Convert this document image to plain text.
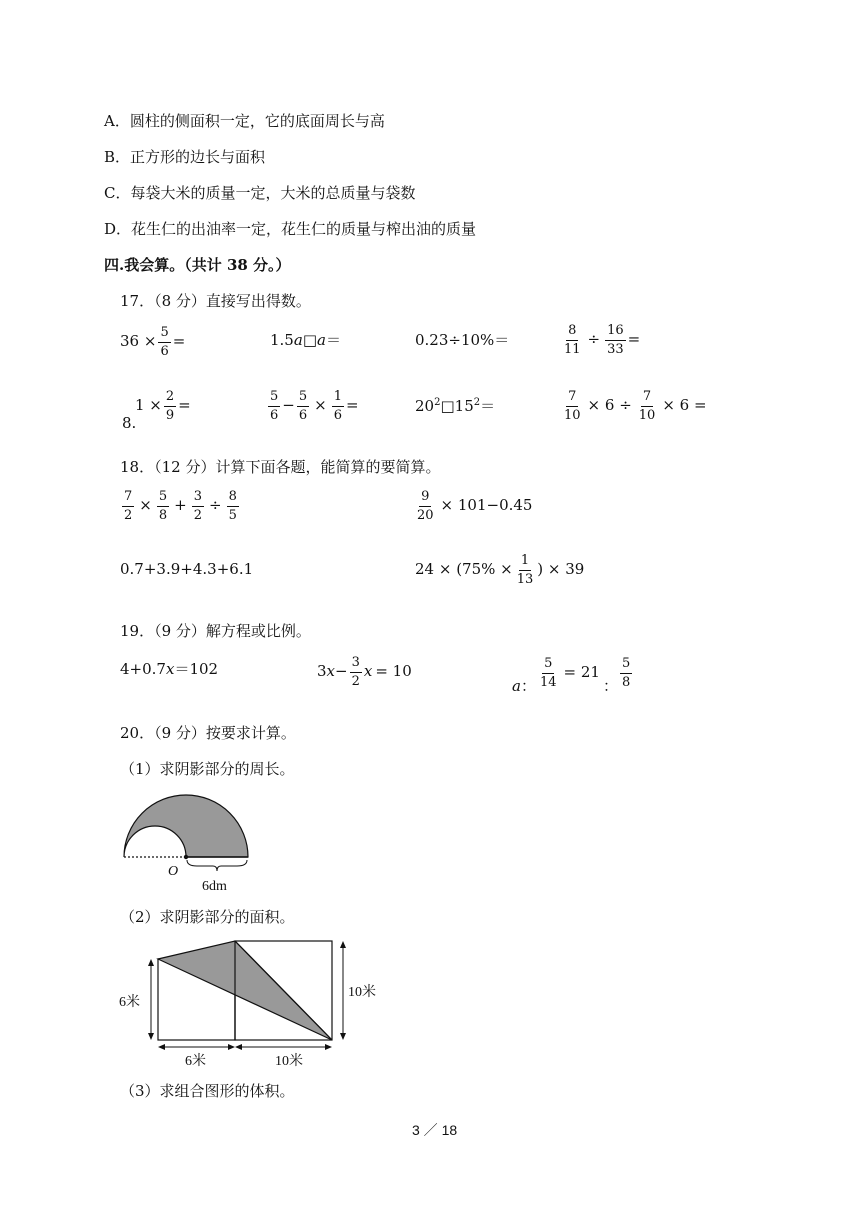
A．圆柱的侧面积一定，它的底面周长与高
B．正方形的边长与面积
C．每袋大米的质量一定，大米的总质量与袋数
D．花生仁的出油率一定，花生仁的质量与榨出油的质量
四.我会算。（共计 38 分。）
17．（8 分）直接写出得数。
$36 \times \frac{5}{6}$ =	1.5a□a＝	0.23÷10%＝	$\frac{8}{11} \div \frac{16}{33}$ =
8.
$1 \times \frac{2}{9}$ =	$\frac{5}{6} - \frac{5}{6} \times \frac{1}{6}$ =	$20^2□15^2=$	$\frac{7}{10} \times 6 \div \frac{7}{10} \times 6$ =
18．（12 分）计算下面各题，能简算的要简算。
$\frac{7}{2} \times \frac{5}{8} + \frac{3}{2} \div \frac{8}{5}$	$\frac{9}{20} \times 101-0.45$
0.7+3.9+4.3+6.1	$24 \times (75\% \times \frac{1}{13}$ ) × 39
19．（9 分）解方程或比例。
4+0.7x＝102	$3x- \frac{3}{2}$ x = 10
a： $\frac{5}{14} = 21$： $\frac{5}{8}$
20．（9 分）按要求计算。
（1）求阴影部分的周长。
O
6dm
（2）求阴影部分的面积。
6米
10米
6米	10米
（3）求组合图形的体积。
3 ／ 18
